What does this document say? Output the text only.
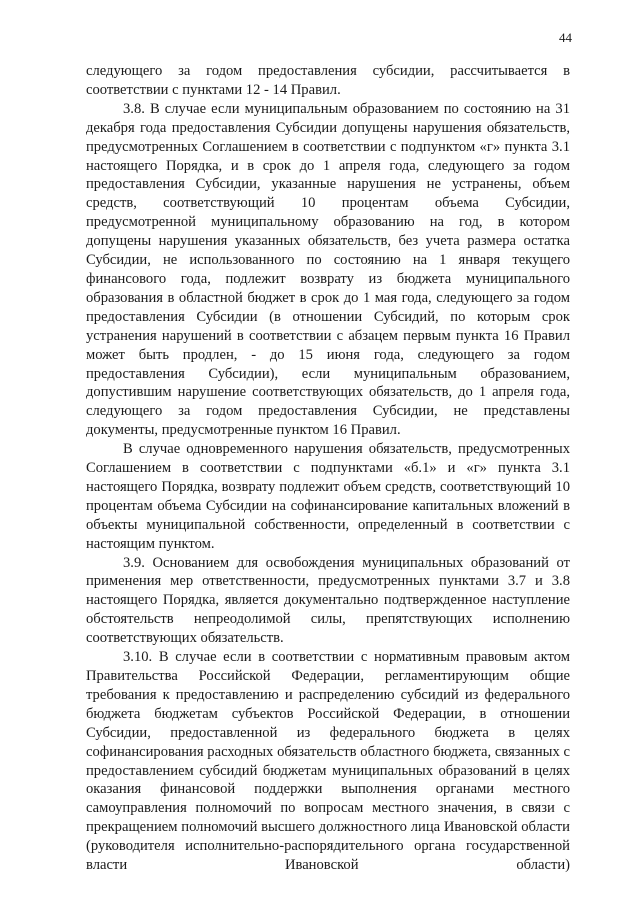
44

следующего за годом предоставления субсидии, рассчитывается в соответствии с пунктами 12 - 14 Правил.

3.8. В случае если муниципальным образованием по состоянию на 31 декабря года предоставления Субсидии допущены нарушения обязательств, предусмотренных Соглашением в соответствии с подпунктом «г» пункта 3.1 настоящего Порядка, и в срок до 1 апреля года, следующего за годом предоставления Субсидии, указанные нарушения не устранены, объем средств, соответствующий 10 процентам объема Субсидии, предусмотренной муниципальному образованию на год, в котором допущены нарушения указанных обязательств, без учета размера остатка Субсидии, не использованного по состоянию на 1 января текущего финансового года, подлежит возврату из бюджета муниципального образования в областной бюджет в срок до 1 мая года, следующего за годом предоставления Субсидии (в отношении Субсидий, по которым срок устранения нарушений в соответствии с абзацем первым пункта 16 Правил может быть продлен, - до 15 июня года, следующего за годом предоставления Субсидии), если муниципальным образованием, допустившим нарушение соответствующих обязательств, до 1 апреля года, следующего за годом предоставления Субсидии, не представлены документы, предусмотренные пунктом 16 Правил.

В случае одновременного нарушения обязательств, предусмотренных Соглашением в соответствии с подпунктами «б.1» и «г» пункта 3.1 настоящего Порядка, возврату подлежит объем средств, соответствующий 10 процентам объема Субсидии на софинансирование капитальных вложений в объекты муниципальной собственности, определенный в соответствии с настоящим пунктом.

3.9. Основанием для освобождения муниципальных образований от применения мер ответственности, предусмотренных пунктами 3.7 и 3.8 настоящего Порядка, является документально подтвержденное наступление обстоятельств непреодолимой силы, препятствующих исполнению соответствующих обязательств.

3.10. В случае если в соответствии с нормативным правовым актом Правительства Российской Федерации, регламентирующим общие требования к предоставлению и распределению субсидий из федерального бюджета бюджетам субъектов Российской Федерации, в отношении Субсидии, предоставленной из федерального бюджета в целях софинансирования расходных обязательств областного бюджета, связанных с предоставлением субсидий бюджетам муниципальных образований в целях оказания финансовой поддержки выполнения органами местного самоуправления полномочий по вопросам местного значения, в связи с прекращением полномочий высшего должностного лица Ивановской области (руководителя исполнительно-распорядительного органа государственной власти Ивановской области)
